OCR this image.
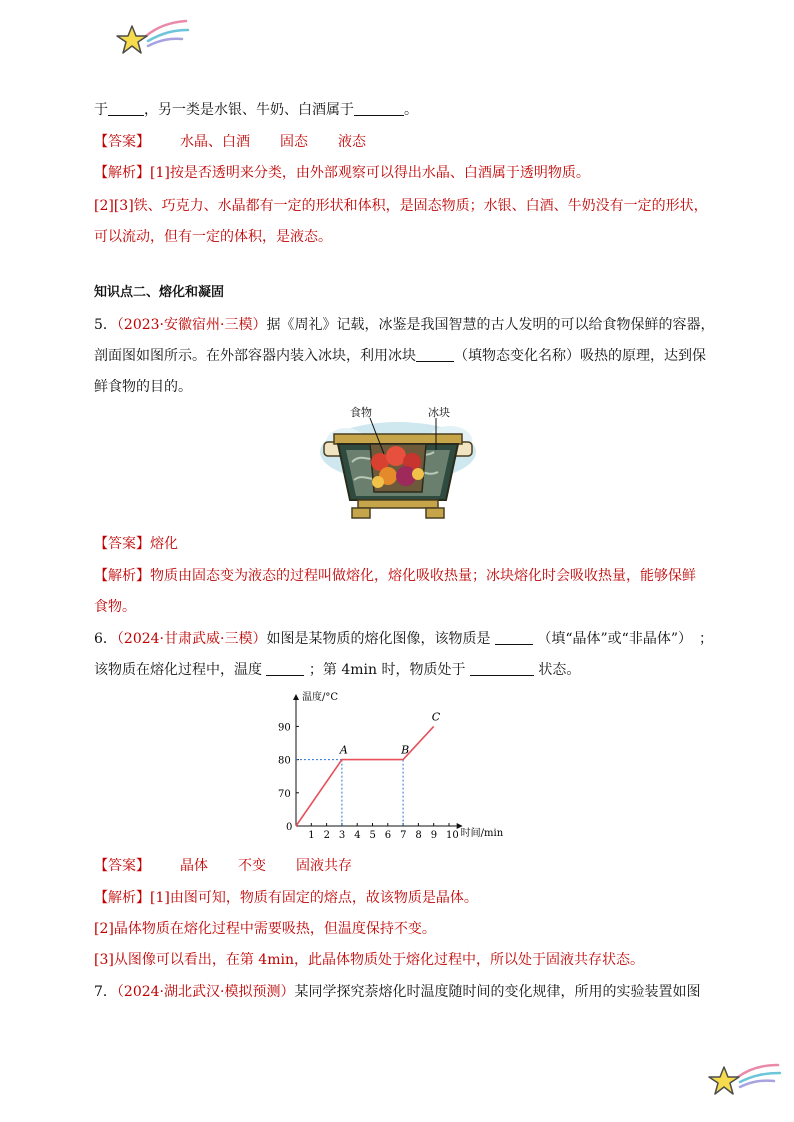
于	，另一类是水银、牛奶、白酒属于	。
【答案】 水晶、白酒 固态 液态
【解析】[1]按是否透明来分类，由外部观察可以得出水晶、白酒属于透明物质。
[2][3]铁、巧克力、水晶都有一定的形状和体积，是固态物质；水银、白酒、牛奶没有一定的形状，
可以流动，但有一定的体积，是液态。
知识点二、熔化和凝固
5．（2023·安徽宿州·三模）据《周礼》记载，冰鉴是我国智慧的古人发明的可以给食物保鲜的容器，
剖面图如图所示。在外部容器内装入冰块，利用冰块	（填物态变化名称）吸热的原理，达到保
鲜食物的目的。
食物	冰块
【答案】熔化
【解析】物质由固态变为液态的过程叫做熔化，熔化吸收热量；冰块熔化时会吸收热量，能够保鲜
食物。
6．（2024·甘肃武威·三模）如图是某物质的熔化图像，该物质是	（填“晶体”或“非晶体”）　；
该物质在熔化过程中，温度	；第 4min 时，物质处于	状态。
温度/°C
时间/min
0
1 2 3 4 5 6 7 8 9 10
70
80
90
A	B
C
【答案】 晶体 不变 固液共存
【解析】[1]由图可知，物质有固定的熔点，故该物质是晶体。
[2]晶体物质在熔化过程中需要吸热，但温度保持不变。
[3]从图像可以看出，在第 4min，此晶体物质处于熔化过程中，所以处于固液共存状态。
7．（2024·湖北武汉·模拟预测）某同学探究萘熔化时温度随时间的变化规律，所用的实验装置如图
